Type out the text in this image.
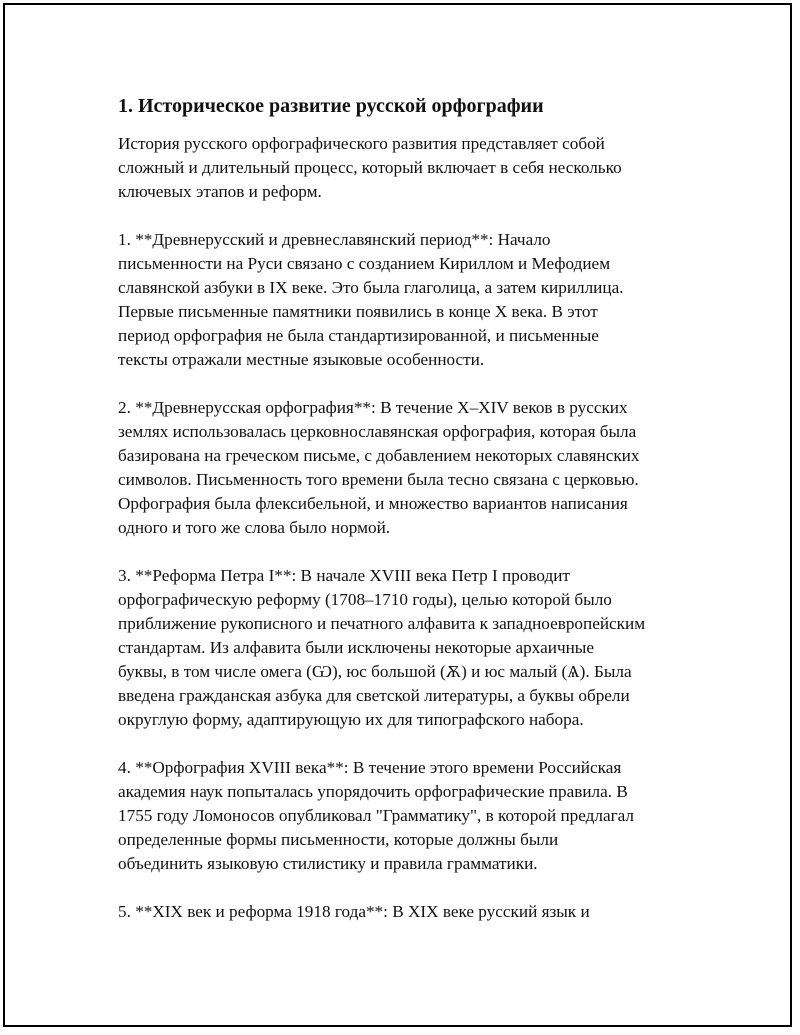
1. Историческое развитие русской орфографии
История русского орфографического развития представляет собой
сложный и длительный процесс, который включает в себя несколько
ключевых этапов и реформ.
1. **Древнерусский и древнеславянский период**: Начало
письменности на Руси связано с созданием Кириллом и Мефодием
славянской азбуки в IX веке. Это была глаголица, а затем кириллица.
Первые письменные памятники появились в конце X века. В этот
период орфография не была стандартизированной, и письменные
тексты отражали местные языковые особенности.
2. **Древнерусская орфография**: В течение X–XIV веков в русских
землях использовалась церковнославянская орфография, которая была
базирована на греческом письме, с добавлением некоторых славянских
символов. Письменность того времени была тесно связана с церковью.
Орфография была флексибельной, и множество вариантов написания
одного и того же слова было нормой.
3. **Реформа Петра I**: В начале XVIII века Петр I проводит
орфографическую реформу (1708–1710 годы), целью которой было
приближение рукописного и печатного алфавита к западноевропейским
стандартам. Из алфавита были исключены некоторые архаичные
буквы, в том числе омега (Ѡ), юс большой (Ѫ) и юс малый (Ѧ). Была
введена гражданская азбука для светской литературы, а буквы обрели
округлую форму, адаптирующую их для типографского набора.
4. **Орфография XVIII века**: В течение этого времени Российская
академия наук попыталась упорядочить орфографические правила. В
1755 году Ломоносов опубликовал "Грамматику", в которой предлагал
определенные формы письменности, которые должны были
объединить языковую стилистику и правила грамматики.
5. **XIX век и реформа 1918 года**: В XIX веке русский язык и
